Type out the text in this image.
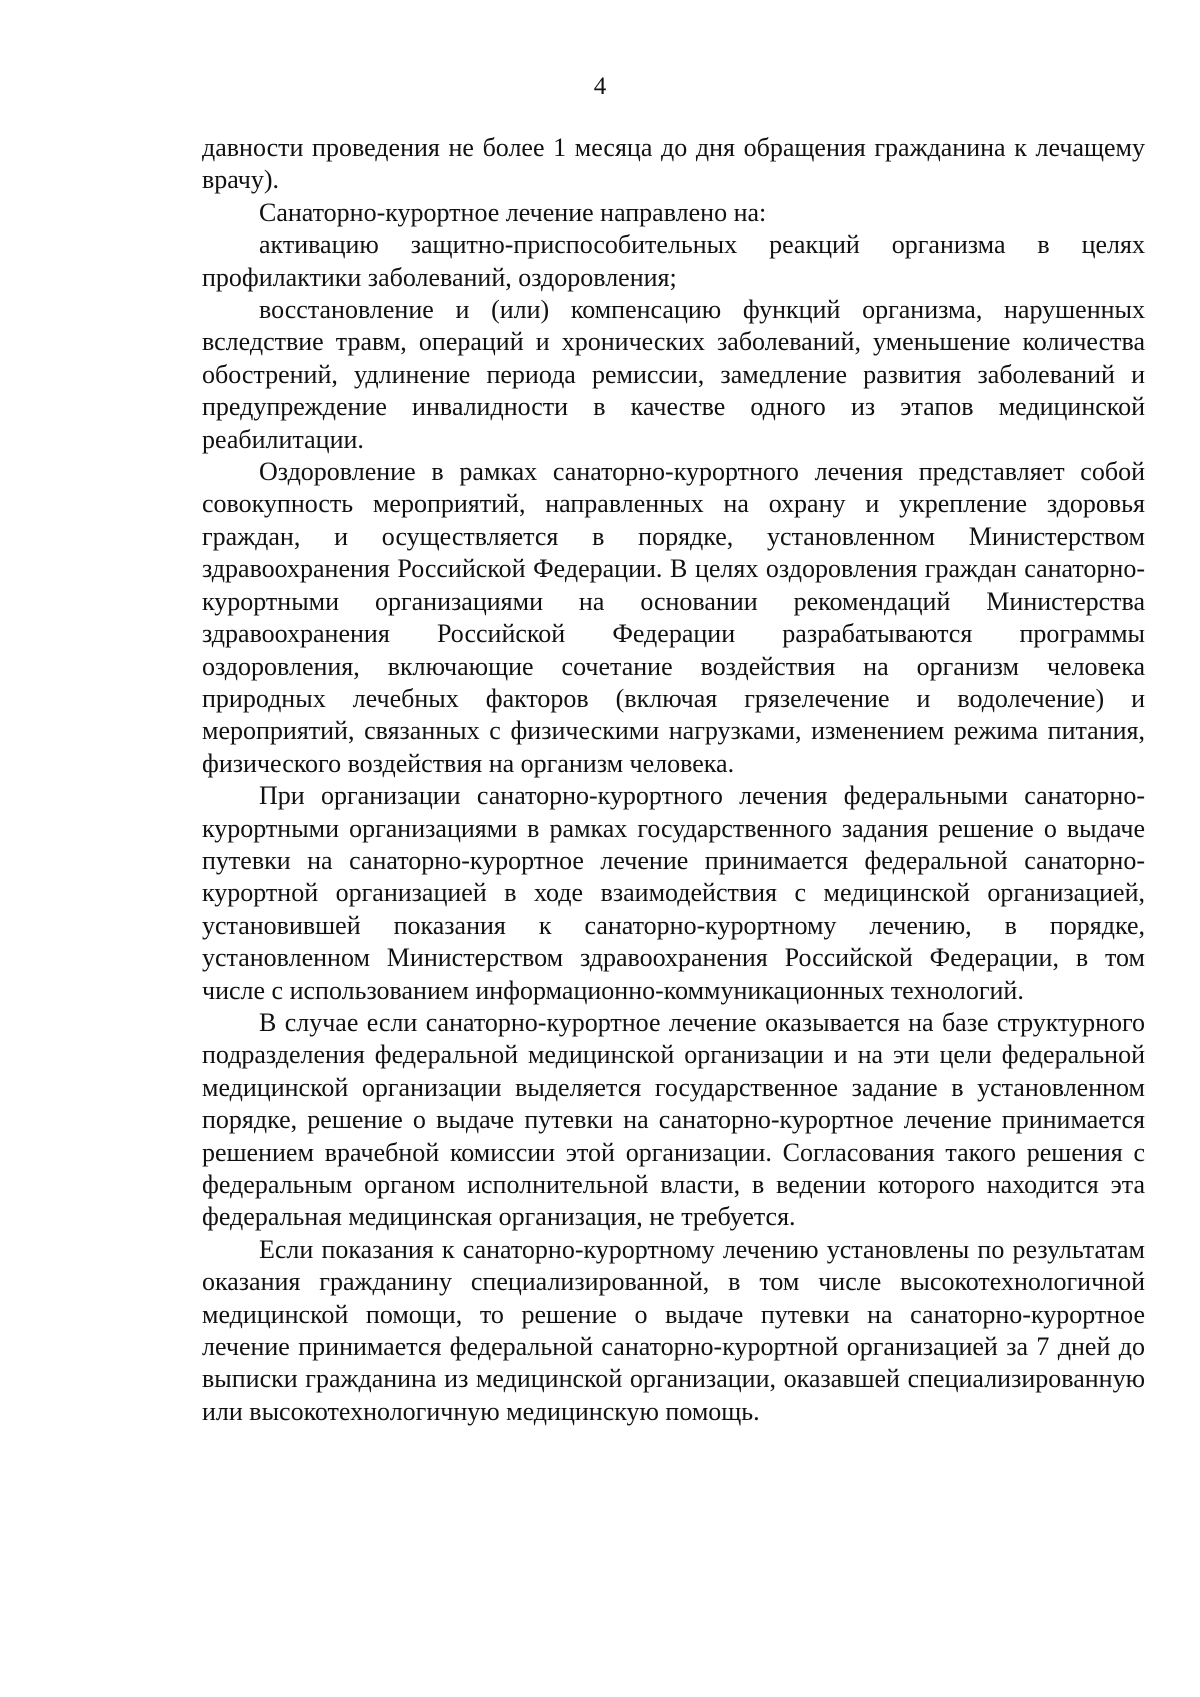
4

давности проведения не более 1 месяца до дня обращения гражданина к лечащему врачу).

Санаторно-курортное лечение направлено на:

активацию защитно-приспособительных реакций организма в целях профилактики заболеваний, оздоровления;

восстановление и (или) компенсацию функций организма, нарушенных вследствие травм, операций и хронических заболеваний, уменьшение количества обострений, удлинение периода ремиссии, замедление развития заболеваний и предупреждение инвалидности в качестве одного из этапов медицинской реабилитации.

Оздоровление в рамках санаторно-курортного лечения представляет собой совокупность мероприятий, направленных на охрану и укрепление здоровья граждан, и осуществляется в порядке, установленном Министерством здравоохранения Российской Федерации. В целях оздоровления граждан санаторно-курортными организациями на основании рекомендаций Министерства здравоохранения Российской Федерации разрабатываются программы оздоровления, включающие сочетание воздействия на организм человека природных лечебных факторов (включая грязелечение и водолечение) и мероприятий, связанных с физическими нагрузками, изменением режима питания, физического воздействия на организм человека.

При организации санаторно-курортного лечения федеральными санаторно-курортными организациями в рамках государственного задания решение о выдаче путевки на санаторно-курортное лечение принимается федеральной санаторно-курортной организацией в ходе взаимодействия с медицинской организацией, установившей показания к санаторно-курортному лечению, в порядке, установленном Министерством здравоохранения Российской Федерации, в том числе с использованием информационно-коммуникационных технологий.

В случае если санаторно-курортное лечение оказывается на базе структурного подразделения федеральной медицинской организации и на эти цели федеральной медицинской организации выделяется государственное задание в установленном порядке, решение о выдаче путевки на санаторно-курортное лечение принимается решением врачебной комиссии этой организации. Согласования такого решения с федеральным органом исполнительной власти, в ведении которого находится эта федеральная медицинская организация, не требуется.

Если показания к санаторно-курортному лечению установлены по результатам оказания гражданину специализированной, в том числе высокотехнологичной медицинской помощи, то решение о выдаче путевки на санаторно-курортное лечение принимается федеральной санаторно-курортной организацией за 7 дней до выписки гражданина из медицинской организации, оказавшей специализированную или высокотехнологичную медицинскую помощь.
